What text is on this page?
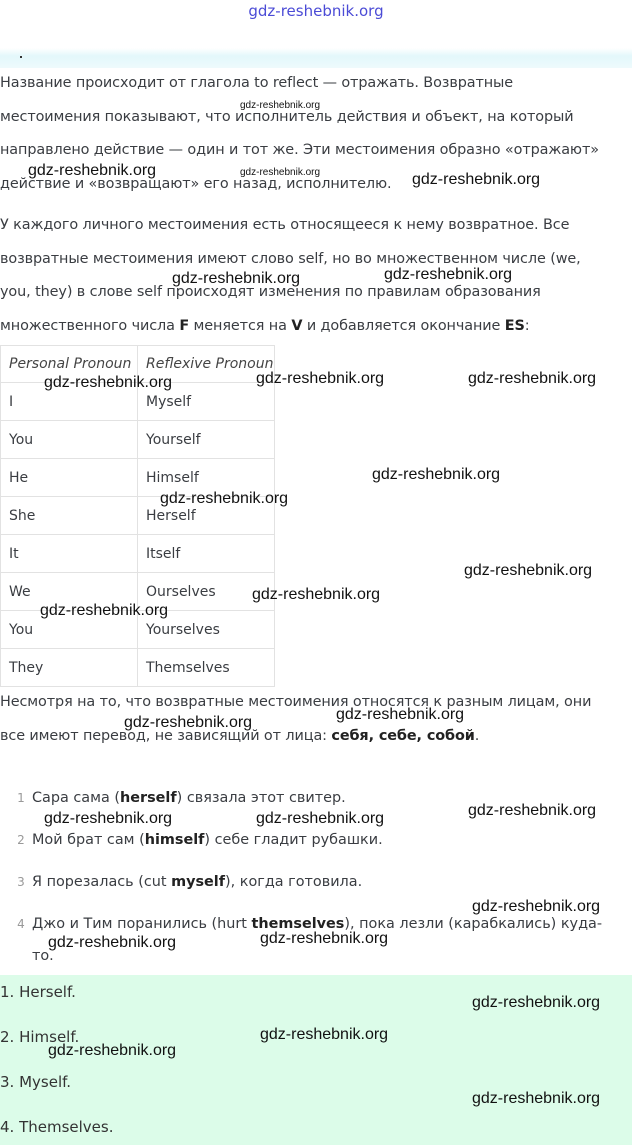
gdz-reshebnik.org
Название происходит от глагола to reflect — отражать. Возвратные
местоимения показывают, что исполнитель действия и объект, на который
направлено действие — один и тот же. Эти местоимения образно «отражают»
действие и «возвращают» его назад, исполнителю.
У каждого личного местоимения есть относящееся к нему возвратное. Все
возвратные местоимения имеют слово self, но во множественном числе (we,
you, they) в слове self происходят изменения по правилам образования
множественного числа F меняется на V и добавляется окончание ES:
Personal Pronoun	Reflexive Pronoun
I	Myself
You	Yourself
He	Himself
She	Herself
It	Itself
We	Ourselves
You	Yourselves
They	Themselves
Несмотря на то, что возвратные местоимения относятся к разным лицам, они
все имеют перевод, не зависящий от лица: себя, себе, собой.
1 Сара сама (herself) связала этот свитер.
2 Мой брат сам (himself) себе гладит рубашки.
3 Я порезалась (cut myself), когда готовила.
4 Джо и Тим поранились (hurt themselves), пока лезли (карабкались) куда-
то.
1. Herself.
2. Himself.
3. Myself.
4. Themselves.
gdz-reshebnik.org
gdz-reshebnik.org
gdz-reshebnik.org
gdz-reshebnik.org
gdz-reshebnik.org	gdz-reshebnik.org
gdz-reshebnik.org	gdz-reshebnik.org	gdz-reshebnik.org
gdz-reshebnik.org
gdz-reshebnik.org
gdz-reshebnik.org
gdz-reshebnik.org
gdz-reshebnik.org
gdz-reshebnik.org	gdz-reshebnik.org
gdz-reshebnik.org	gdz-reshebnik.org	gdz-reshebnik.org
gdz-reshebnik.org
gdz-reshebnik.org	gdz-reshebnik.org
gdz-reshebnik.org
gdz-reshebnik.org
gdz-reshebnik.org
gdz-reshebnik.org
